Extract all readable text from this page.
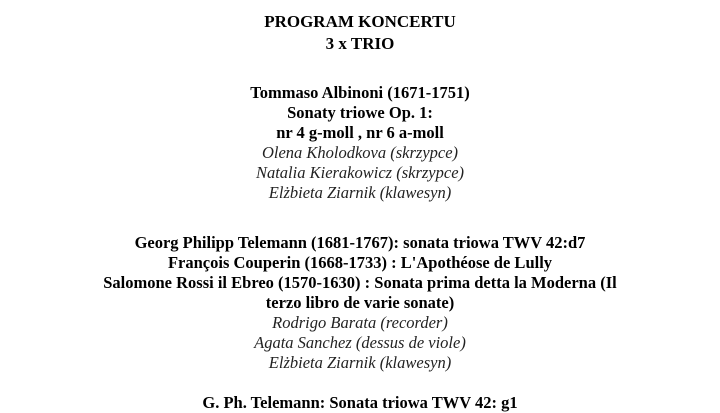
PROGRAM KONCERTU
3 x TRIO
Tommaso Albinoni (1671-1751)
Sonaty triowe Op. 1:
nr 4 g-moll , nr 6 a-moll
Olena Kholodkova (skrzypce)
Natalia Kierakowicz (skrzypce)
Elżbieta Ziarnik (klawesyn)
Georg Philipp Telemann (1681-1767): sonata triowa TWV 42:d7
François Couperin (1668-1733) : L'Apothéose de Lully
Salomone Rossi il Ebreo (1570-1630) : Sonata prima detta la Moderna (Il
terzo libro de varie sonate)
Rodrigo Barata (recorder)
Agata Sanchez (dessus de viole)
Elżbieta Ziarnik (klawesyn)
G. Ph. Telemann: Sonata triowa TWV 42: g1
